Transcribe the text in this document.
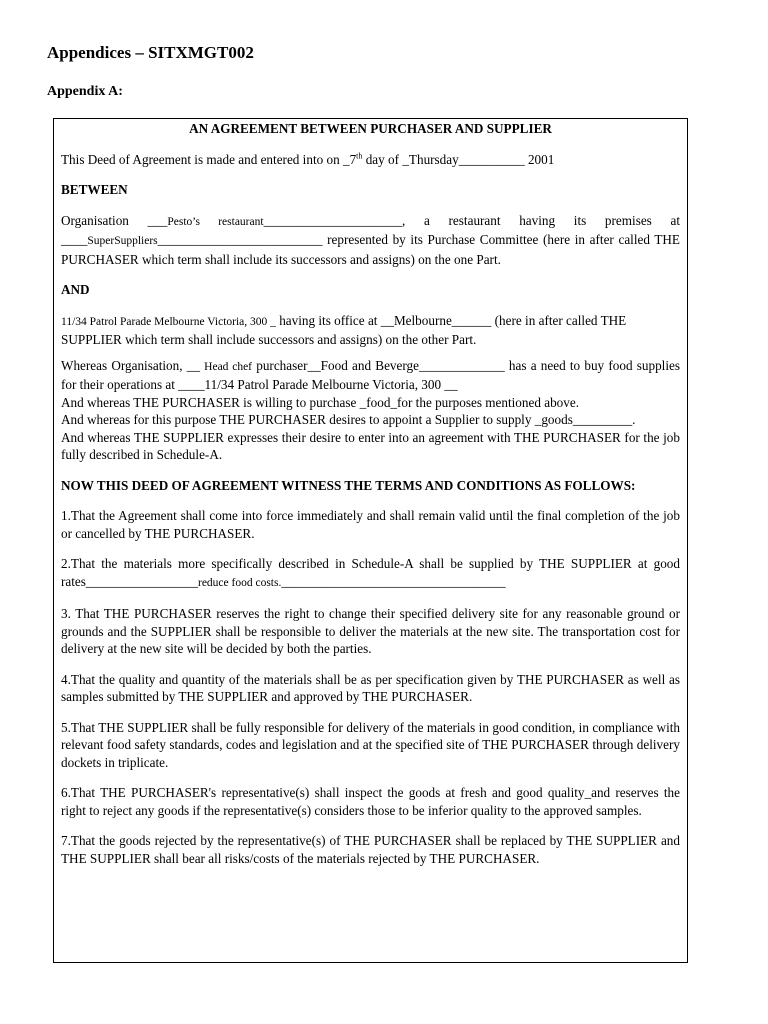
Appendices – SITXMGT002
Appendix A:

AN AGREEMENT BETWEEN PURCHASER AND SUPPLIER

This Deed of Agreement is made and entered into on _7th day of _Thursday__________ 2001

BETWEEN

Organisation ___Pesto’s restaurant_____________________, a restaurant having its premises at ____SuperSuppliers_________________________ represented by its Purchase Committee (here in after called THE PURCHASER which term shall include its successors and assigns) on the one Part.

AND

11/34 Patrol Parade Melbourne Victoria, 300 _ having its office at __Melbourne______ (here in after called THE SUPPLIER which term shall include successors and assigns) on the other Part.

Whereas Organisation, __ Head chef purchaser__Food and Beverge_____________ has a need to buy food supplies for their operations at ____11/34 Patrol Parade Melbourne Victoria, 300 __

And whereas THE PURCHASER is willing to purchase _food_for the purposes mentioned above.

And whereas for this purpose THE PURCHASER desires to appoint a Supplier to supply _goods_________.

And whereas THE SUPPLIER expresses their desire to enter into an agreement with THE PURCHASER for the job fully described in Schedule-A.

NOW THIS DEED OF AGREEMENT WITNESS THE TERMS AND CONDITIONS AS FOLLOWS:

1.That the Agreement shall come into force immediately and shall remain valid until the final completion of the job or cancelled by THE PURCHASER.

2.That the materials more specifically described in Schedule-A shall be supplied by THE SUPPLIER at good rates_________________reduce food costs.__________________________________

3. That THE PURCHASER reserves the right to change their specified delivery site for any reasonable ground or grounds and the SUPPLIER shall be responsible to deliver the materials at the new site. The transportation cost for delivery at the new site will be decided by both the parties.

4.That the quality and quantity of the materials shall be as per specification given by THE PURCHASER as well as samples submitted by THE SUPPLIER and approved by THE PURCHASER.

5.That THE SUPPLIER shall be fully responsible for delivery of the materials in good condition, in compliance with relevant food safety standards, codes and legislation and at the specified site of THE PURCHASER through delivery dockets in triplicate.

6.That THE PURCHASER's representative(s) shall inspect the goods at fresh and good quality_and reserves the right to reject any goods if the representative(s) considers those to be inferior quality to the approved samples.

7.That the goods rejected by the representative(s) of THE PURCHASER shall be replaced by THE SUPPLIER and THE SUPPLIER shall bear all risks/costs of the materials rejected by THE PURCHASER.
